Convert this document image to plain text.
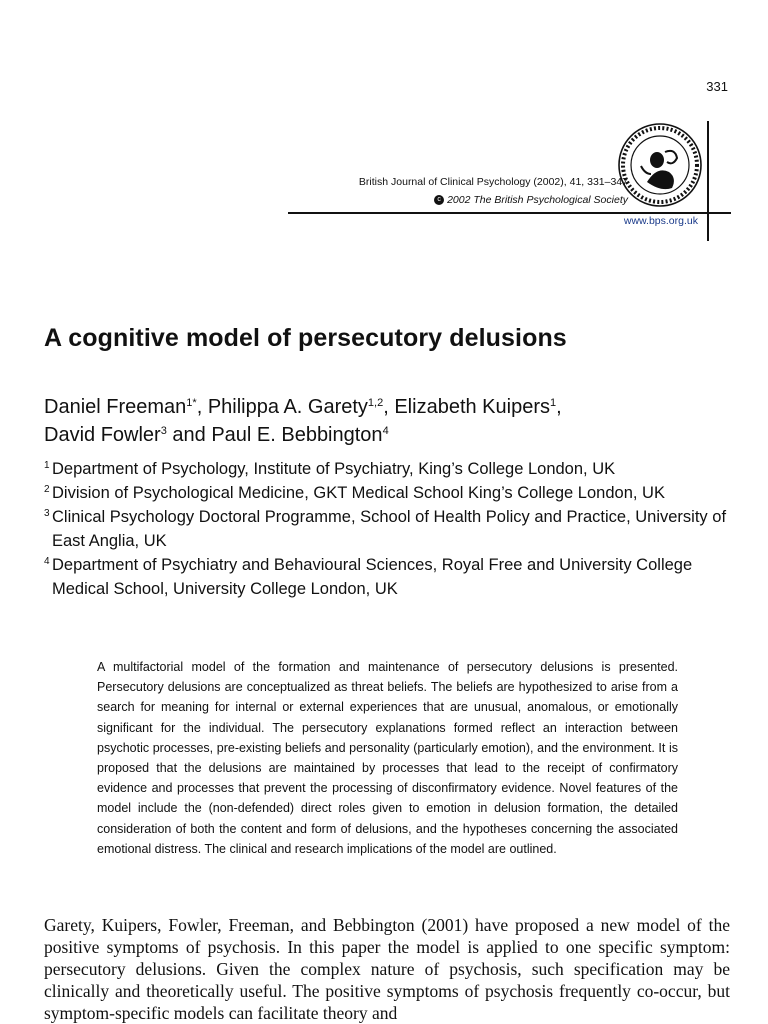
331
British Journal of Clinical Psychology (2002), 41, 331–347
c 2002 The British Psychological Society
www.bps.org.uk
A cognitive model of persecutory delusions
Daniel Freeman$^{1*}$, Philippa A. Garety$^{1,2}$, Elizabeth Kuipers$^1$,
David Fowler$^3$ and Paul E. Bebbington$^4$
1 Department of Psychology, Institute of Psychiatry, King’s College London, UK
2 Division of Psychological Medicine, GKT Medical School King’s College London, UK
3 Clinical Psychology Doctoral Programme, School of Health Policy and Practice, University of East Anglia, UK
4 Department of Psychiatry and Behavioural Sciences, Royal Free and University College Medical School, University College London, UK

A multifactorial model of the formation and maintenance of persecutory delusions is presented. Persecutory delusions are conceptualized as threat beliefs. The beliefs are hypothesized to arise from a search for meaning for internal or external experiences that are unusual, anomalous, or emotionally significant for the individual. The persecutory explanations formed reflect an interaction between psychotic processes, pre-existing beliefs and personality (particularly emotion), and the environment. It is proposed that the delusions are maintained by processes that lead to the receipt of confirmatory evidence and processes that prevent the processing of disconfirmatory evidence. Novel features of the model include the (non-defended) direct roles given to emotion in delusion formation, the detailed consideration of both the content and form of delusions, and the hypotheses concerning the associated emotional distress. The clinical and research implications of the model are outlined.

Garety, Kuipers, Fowler, Freeman, and Bebbington (2001) have proposed a new model of the positive symptoms of psychosis. In this paper the model is applied to one specific symptom: persecutory delusions. Given the complex nature of psychosis, such specification may be clinically and theoretically useful. The positive symptoms of psychosis frequently co-occur, but symptom-specific models can facilitate theory and
